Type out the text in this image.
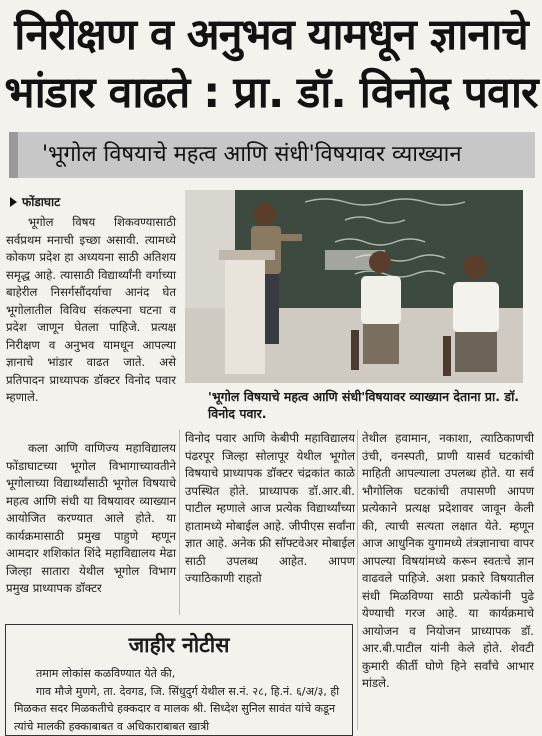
निरीक्षण व अनुभव यामधून ज्ञानाचे
भांडार वाढते : प्रा. डॉ. विनोद पवार
'भूगोल विषयाचे महत्व आणि संधी'विषयावर व्याख्यान
फोंडाघाट

भूगोल विषय शिकवण्यासाठी सर्वप्रथम मनाची इच्छा असावी. त्यामध्ये कोकण प्रदेश हा अध्ययना साठी अतिशय समृद्ध आहे. त्यासाठी विद्यार्थ्यांनी वर्गाच्या बाहेरील निसर्गसौंदर्याचा आनंद घेत भूगोलातील विविध संकल्पना घटना व प्रदेश जाणून घेतला पाहिजे. प्रत्यक्ष निरीक्षण व अनुभव यामधून आपल्या ज्ञानाचे भांडार वाढत जाते. असे प्रतिपादन प्राध्यापक डॉक्टर विनोद पवार म्हणाले.

कला आणि वाणिज्य महाविद्यालय फोंडाघाटच्या भूगोल विभागाच्यावतीने भूगोलाच्या विद्यार्थ्यांसाठी भूगोल विषयाचे महत्व आणि संधी या विषयावर व्याख्यान आयोजित करण्यात आले होते. या कार्यक्रमासाठी प्रमुख पाहुणे म्हणून आमदार शशिकांत शिंदे महाविद्यालय मेढा जिल्हा सातारा येथील भूगोल विभाग प्रमुख प्राध्यापक डॉक्टर

'भूगोल विषयाचे महत्व आणि संधी'विषयावर व्याख्यान देताना प्रा. डॉ. विनोद पवार.

विनोद पवार आणि केबीपी महाविद्यालय पंढरपूर जिल्हा सोलापूर येथील भूगोल विषयाचे प्राध्यापक डॉक्टर चंद्रकांत काळे उपस्थित होते. प्राध्यापक डॉ.आर.बी. पाटील म्हणाले आज प्रत्येक विद्यार्थ्यांच्या हातामध्ये मोबाईल आहे. जीपीएस सर्वांना ज्ञात आहे. अनेक फ्री सॉफ्टवेअर मोबाईल साठी उपलब्ध आहेत. आपण ज्याठिकाणी राहतो

तेथील हवामान, नकाशा, त्याठिकाणची उंची, वनस्पती, प्राणी यासर्व घटकांची माहिती आपल्याला उपलब्ध होते. या सर्व भौगोलिक घटकांची तपासणी आपण प्रत्येकाने प्रत्यक्ष प्रदेशावर जावून केली की, त्याची सत्यता लक्षात येते. म्हणून आज आधुनिक युगामध्ये तंत्रज्ञानाचा वापर आपल्या विषयांमध्ये करून स्वतःचे ज्ञान वाढवले पाहिजे. अशा प्रकारे विषयातील संधी मिळविण्या साठी प्रत्येकांनी पुढे येण्याची गरज आहे. या कार्यक्रमाचे आयोजन व नियोजन प्राध्यापक डॉ. आर.बी.पाटील यांनी केले होते. शेवटी कुमारी कीर्ती घोणे हिने सर्वांचे आभार मांडले.

जाहीर नोटीस

तमाम लोकांस कळविण्यात येते की,

गाव मौजे मुणगे, ता. देवगड, जि. सिंधुदुर्ग येथील स.नं. २८, हि.नं. ६/अ/३, ही मिळकत सदर मिळकतीचे हक्कदार व मालक श्री. सिध्देश सुनिल सावंत यांचे कडून त्यांचे मालकी हक्काबाबत व अधिकाराबाबत खात्री
